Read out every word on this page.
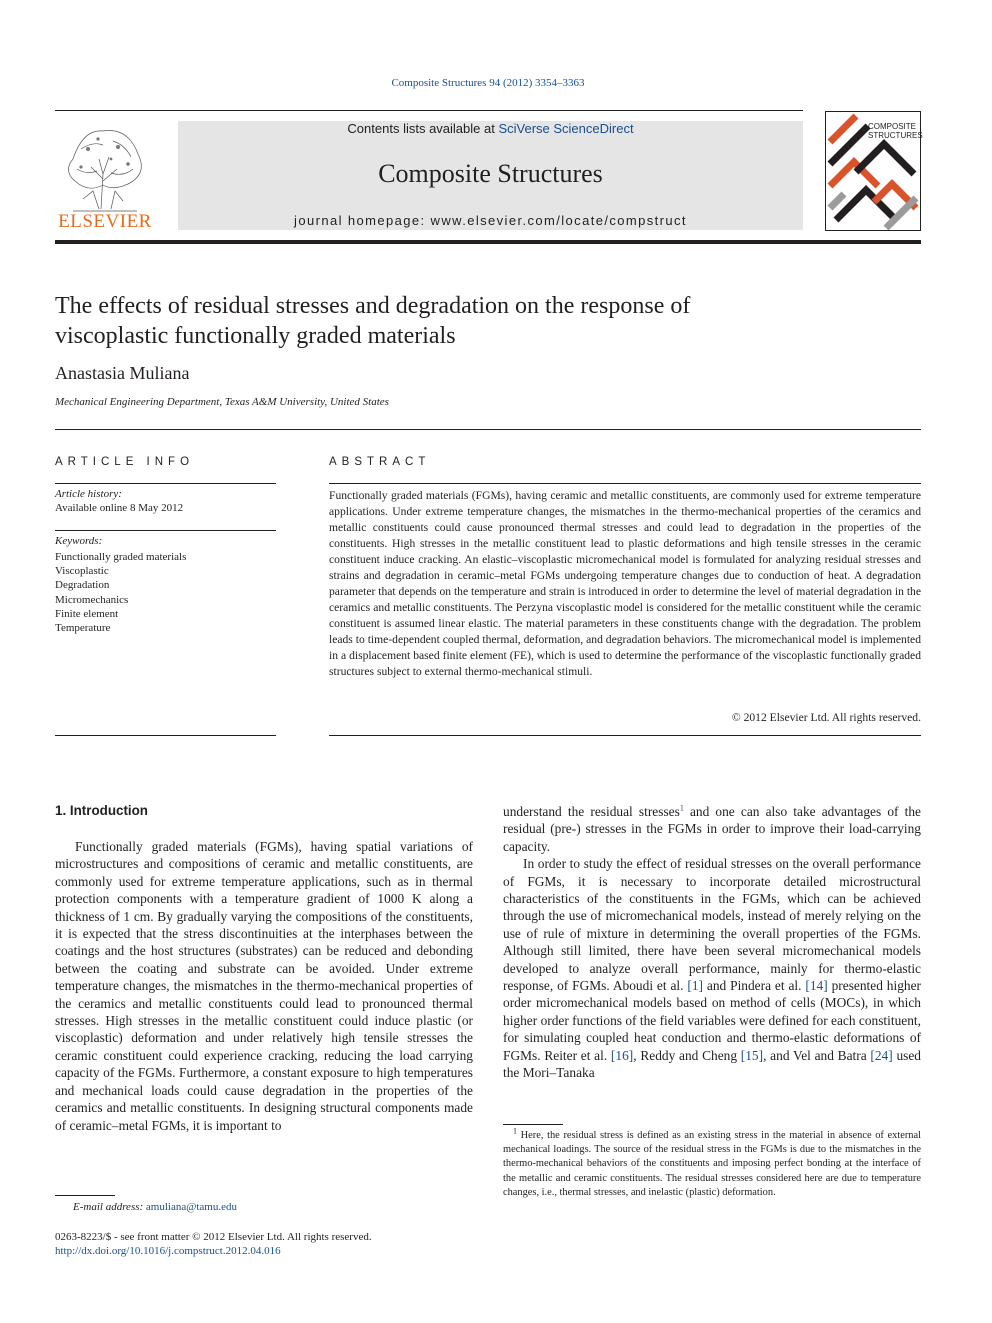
Composite Structures 94 (2012) 3354–3363
ELSEVIER
Contents lists available at SciVerse ScienceDirect
Composite Structures
journal homepage: www.elsevier.com/locate/compstruct
COMPOSITE
STRUCTURES
The effects of residual stresses and degradation on the response of viscoplastic functionally graded materials
Anastasia Muliana
Mechanical Engineering Department, Texas A&M University, United States
ARTICLE INFO	ABSTRACT
Article history:
Available online 8 May 2012
Keywords:
Functionally graded materials
Viscoplastic
Degradation
Micromechanics
Finite element
Temperature

Functionally graded materials (FGMs), having ceramic and metallic constituents, are commonly used for extreme temperature applications. Under extreme temperature changes, the mismatches in the thermo-mechanical properties of the ceramics and metallic constituents could cause pronounced thermal stresses and could lead to degradation in the properties of the constituents. High stresses in the metallic constituent lead to plastic deformations and high tensile stresses in the ceramic constituent induce cracking. An elastic–viscoplastic micromechanical model is formulated for analyzing residual stresses and strains and degradation in ceramic–metal FGMs undergoing temperature changes due to conduction of heat. A degradation parameter that depends on the temperature and strain is introduced in order to determine the level of material degradation in the ceramics and metallic constituents. The Perzyna viscoplastic model is considered for the metallic constituent while the ceramic constituent is assumed linear elastic. The material parameters in these constituents change with the degradation. The problem leads to time-dependent coupled thermal, deformation, and degradation behaviors. The micromechanical model is implemented in a displacement based finite element (FE), which is used to determine the performance of the viscoplastic functionally graded structures subject to external thermo-mechanical stimuli.

© 2012 Elsevier Ltd. All rights reserved.
1. Introduction

Functionally graded materials (FGMs), having spatial variations of microstructures and compositions of ceramic and metallic constituents, are commonly used for extreme temperature applications, such as in thermal protection components with a temperature gradient of 1000 K along a thickness of 1 cm. By gradually varying the compositions of the constituents, it is expected that the stress discontinuities at the interphases between the coatings and the host structures (substrates) can be reduced and debonding between the coating and substrate can be avoided. Under extreme temperature changes, the mismatches in the thermo-mechanical properties of the ceramics and metallic constituents could lead to pronounced thermal stresses. High stresses in the metallic constituent could induce plastic (or viscoplastic) deformation and under relatively high tensile stresses the ceramic constituent could experience cracking, reducing the load carrying capacity of the FGMs. Furthermore, a constant exposure to high temperatures and mechanical loads could cause degradation in the properties of the ceramics and metallic constituents. In designing structural components made of ceramic–metal FGMs, it is important to

understand the residual stresses$^1$ and one can also take advantages of the residual (pre-) stresses in the FGMs in order to improve their load-carrying capacity.

In order to study the effect of residual stresses on the overall performance of FGMs, it is necessary to incorporate detailed microstructural characteristics of the constituents in the FGMs, which can be achieved through the use of micromechanical models, instead of merely relying on the use of rule of mixture in determining the overall properties of the FGMs. Although still limited, there have been several micromechanical models developed to analyze overall performance, mainly for thermo-elastic response, of FGMs. Aboudi et al. [1] and Pindera et al. [14] presented higher order micromechanical models based on method of cells (MOCs), in which higher order functions of the field variables were defined for each constituent, for simulating coupled heat conduction and thermo-elastic deformations of FGMs. Reiter et al. [16], Reddy and Cheng [15], and Vel and Batra [24] used the Mori–Tanaka

$^1$ Here, the residual stress is defined as an existing stress in the material in absence of external mechanical loadings. The source of the residual stress in the FGMs is due to the mismatches in the thermo-mechanical behaviors of the constituents and imposing perfect bonding at the interface of the metallic and ceramic constituents. The residual stresses considered here are due to temperature changes, i.e., thermal stresses, and inelastic (plastic) deformation.

E-mail address: amuliana@tamu.edu
0263-8223/$ - see front matter © 2012 Elsevier Ltd. All rights reserved.
http://dx.doi.org/10.1016/j.compstruct.2012.04.016
